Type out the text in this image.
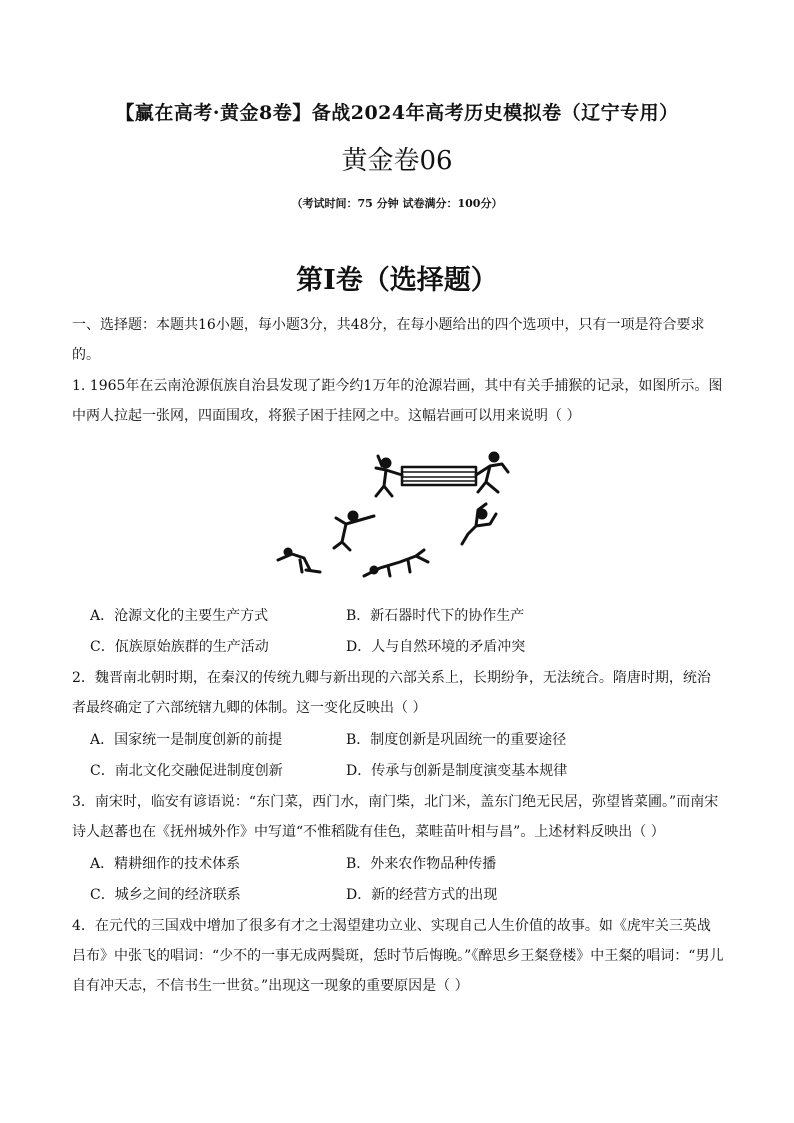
【赢在高考·黄金8卷】备战2024年高考历史模拟卷（辽宁专用）
黄金卷06
（考试时间：75 分钟 试卷满分：100分）
第I卷（选择题）
一、选择题：本题共16小题，每小题3分，共48分，在每小题给出的四个选项中，只有一项是符合要求的。
1. 1965年在云南沧源佤族自治县发现了距今约1万年的沧源岩画，其中有关手捕猴的记录，如图所示。图中两人拉起一张网，四面围攻，将猴子困于挂网之中。这幅岩画可以用来说明（ ）
A．沧源文化的主要生产方式	B．新石器时代下的协作生产
C．佤族原始族群的生产活动	D．人与自然环境的矛盾冲突
2．魏晋南北朝时期，在秦汉的传统九卿与新出现的六部关系上，长期纷争，无法统合。隋唐时期，统治者最终确定了六部统辖九卿的体制。这一变化反映出（ ）
A．国家统一是制度创新的前提	B．制度创新是巩固统一的重要途径
C．南北文化交融促进制度创新	D．传承与创新是制度演变基本规律
3．南宋时，临安有谚语说：“东门菜，西门水，南门柴，北门米，盖东门绝无民居，弥望皆菜圃。”而南宋诗人赵蕃也在《抚州城外作》中写道“不惟稻陇有佳色，菜畦苗叶相与昌”。上述材料反映出（ ）
A．精耕细作的技术体系	B．外来农作物品种传播
C．城乡之间的经济联系	D．新的经营方式的出现
4．在元代的三国戏中增加了很多有才之士渴望建功立业、实现自己人生价值的故事。如《虎牢关三英战吕布》中张飞的唱词：“少不的一事无成两鬓斑，恁时节后悔晚。”《醉思乡王粲登楼》中王粲的唱词：“男儿自有冲天志，不信书生一世贫。”出现这一现象的重要原因是（ ）
